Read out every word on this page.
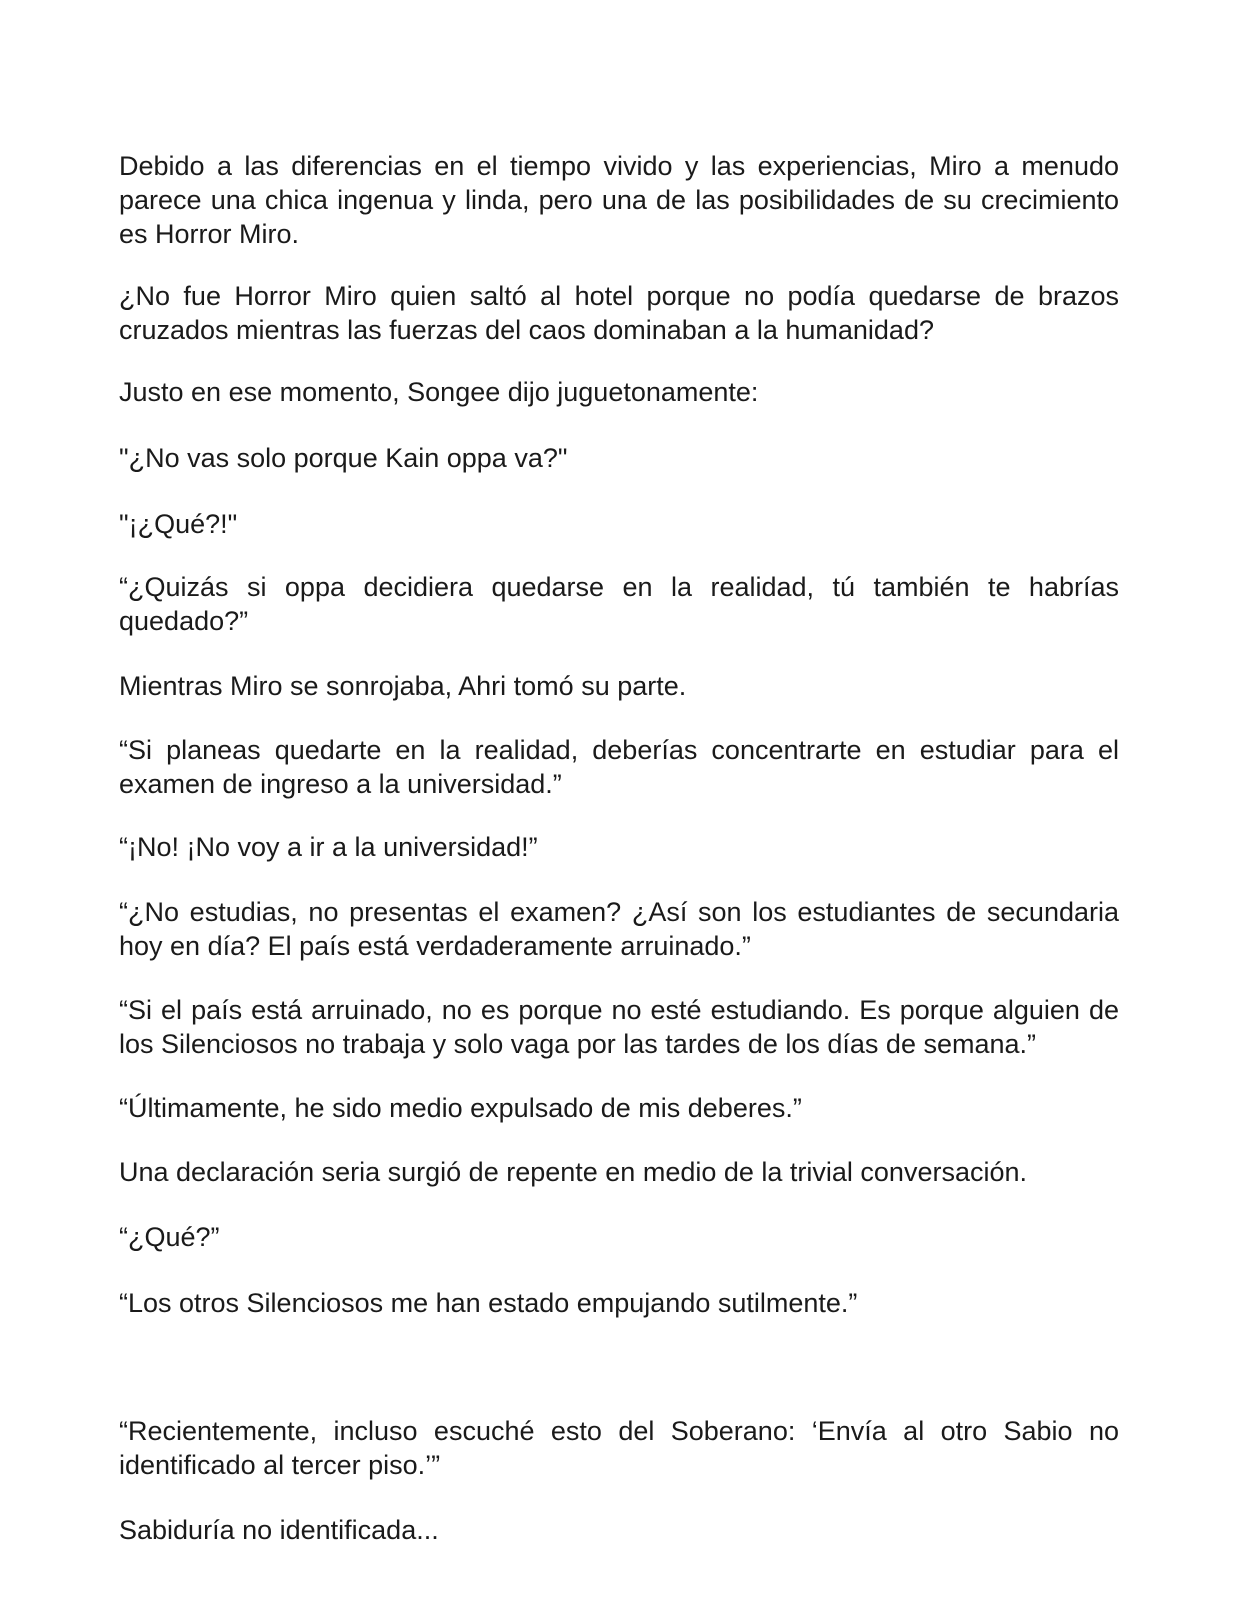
Debido a las diferencias en el tiempo vivido y las experiencias, Miro a menudo parece una chica ingenua y linda, pero una de las posibilidades de su crecimiento es Horror Miro.

¿No fue Horror Miro quien saltó al hotel porque no podía quedarse de brazos cruzados mientras las fuerzas del caos dominaban a la humanidad?

Justo en ese momento, Songee dijo juguetonamente:

"¿No vas solo porque Kain oppa va?"

"¡¿Qué?!"

“¿Quizás si oppa decidiera quedarse en la realidad, tú también te habrías quedado?”

Mientras Miro se sonrojaba, Ahri tomó su parte.

“Si planeas quedarte en la realidad, deberías concentrarte en estudiar para el examen de ingreso a la universidad.”

“¡No! ¡No voy a ir a la universidad!”

“¿No estudias, no presentas el examen? ¿Así son los estudiantes de secundaria hoy en día? El país está verdaderamente arruinado.”

“Si el país está arruinado, no es porque no esté estudiando. Es porque alguien de los Silenciosos no trabaja y solo vaga por las tardes de los días de semana.”

“Últimamente, he sido medio expulsado de mis deberes.”

Una declaración seria surgió de repente en medio de la trivial conversación.

“¿Qué?”

“Los otros Silenciosos me han estado empujando sutilmente.”

“Recientemente, incluso escuché esto del Soberano: ‘Envía al otro Sabio no identificado al tercer piso.’”

Sabiduría no identificada...
